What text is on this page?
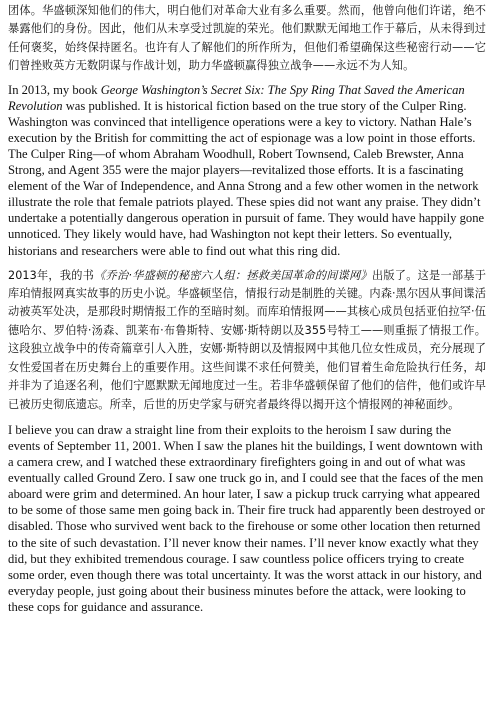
团体。华盛顿深知他们的伟大，明白他们对革命大业有多么重要。然而，他曾向他们许诺，绝不暴露他们的身份。因此，他们从未享受过凯旋的荣光。他们默默无闻地工作于幕后，从未得到过任何褒奖，始终保持匿名。也许有人了解他们的所作所为，但他们希望确保这些秘密行动——它们曾挫败英方无数阴谋与作战计划，助力华盛顿赢得独立战争——永远不为人知。

In 2013, my book George Washington’s Secret Six: The Spy Ring That Saved the American Revolution was published. It is historical fiction based on the true story of the Culper Ring. Washington was convinced that intelligence operations were a key to victory. Nathan Hale’s execution by the British for committing the act of espionage was a low point in those efforts. The Culper Ring—of whom Abraham Woodhull, Robert Townsend, Caleb Brewster, Anna Strong, and Agent 355 were the major players—revitalized those efforts. It is a fascinating element of the War of Independence, and Anna Strong and a few other women in the network illustrate the role that female patriots played. These spies did not want any praise. They didn’t undertake a potentially dangerous operation in pursuit of fame. They would have happily gone unnoticed. They likely would have, had Washington not kept their letters. So eventually, historians and researchers were able to find out what this ring did.

2013年，我的书《乔治·华盛顿的秘密六人组：拯救美国革命的间谍网》出版了。这是一部基于库珀情报网真实故事的历史小说。华盛顿坚信，情报行动是制胜的关键。内森·黑尔因从事间谍活动被英军处决，是那段时期情报工作的至暗时刻。而库珀情报网——其核心成员包括亚伯拉罕·伍德哈尔、罗伯特·汤森、凯莱布·布鲁斯特、安娜·斯特朗以及355号特工——则重振了情报工作。这段独立战争中的传奇篇章引人入胜，安娜·斯特朗以及情报网中其他几位女性成员，充分展现了女性爱国者在历史舞台上的重要作用。这些间谍不求任何赞美，他们冒着生命危险执行任务，却并非为了追逐名利，他们宁愿默默无闻地度过一生。若非华盛顿保留了他们的信件，他们或许早已被历史彻底遗忘。所幸，后世的历史学家与研究者最终得以揭开这个情报网的神秘面纱。

I believe you can draw a straight line from their exploits to the heroism I saw during the events of September 11, 2001. When I saw the planes hit the buildings, I went downtown with a camera crew, and I watched these extraordinary firefighters going in and out of what was eventually called Ground Zero. I saw one truck go in, and I could see that the faces of the men aboard were grim and determined. An hour later, I saw a pickup truck carrying what appeared to be some of those same men going back in. Their fire truck had apparently been destroyed or disabled. Those who survived went back to the firehouse or some other location then returned to the site of such devastation. I’ll never know their names. I’ll never know exactly what they did, but they exhibited tremendous courage. I saw countless police officers trying to create some order, even though there was total uncertainty. It was the worst attack in our history, and everyday people, just going about their business minutes before the attack, were looking to these cops for guidance and assurance.
